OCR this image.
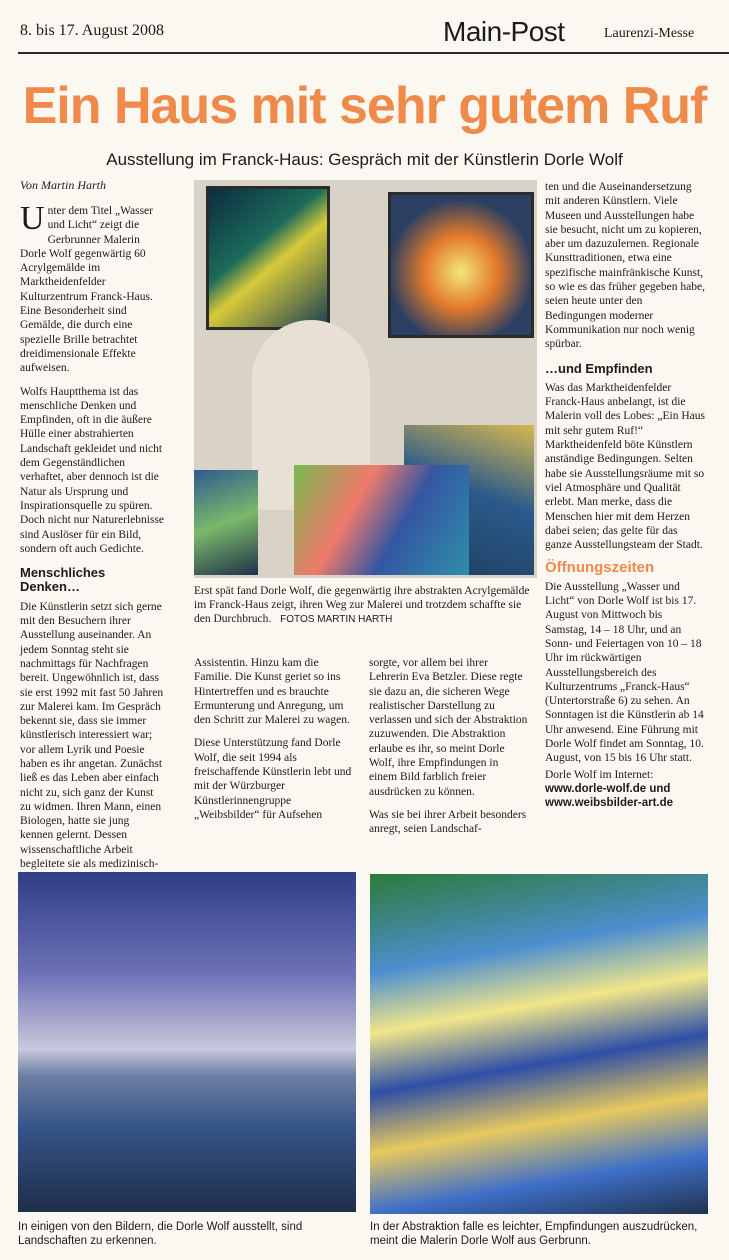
8. bis 17. August 2008	Main-Post	Laurenzi-Messe
Ein Haus mit sehr gutem Ruf
Ausstellung im Franck-Haus: Gespräch mit der Künstlerin Dorle Wolf
Von Martin Harth

Unter dem Titel „Wasser und Licht“ zeigt die Gerbrunner Malerin Dorle Wolf gegenwärtig 60 Acrylgemälde im Marktheidenfelder Kulturzentrum Franck-Haus. Eine Besonderheit sind Gemälde, die durch eine spezielle Brille betrachtet dreidimensionale Effekte aufweisen.

Wolfs Hauptthema ist das menschliche Denken und Empfinden, oft in die äußere Hülle einer abstrahierten Landschaft gekleidet und nicht dem Gegenständlichen verhaftet, aber dennoch ist die Natur als Ursprung und Inspirationsquelle zu spüren. Doch nicht nur Naturerlebnisse sind Auslöser für ein Bild, sondern oft auch Gedichte.

Menschliches Denken…

Die Künstlerin setzt sich gerne mit den Besuchern ihrer Ausstellung auseinander. An jedem Sonntag steht sie nachmittags für Nachfragen bereit. Ungewöhnlich ist, dass sie erst 1992 mit fast 50 Jahren zur Malerei kam. Im Gespräch bekennt sie, dass sie immer künstlerisch interessiert war; vor allem Lyrik und Poesie haben es ihr angetan. Zunächst ließ es das Leben aber einfach nicht zu, sich ganz der Kunst zu widmen. Ihren Mann, einen Biologen, hatte sie jung kennen gelernt. Dessen wissenschaftliche Arbeit begleitete sie als medizinisch-

Erst spät fand Dorle Wolf, die gegenwärtig ihre abstrakten Acrylgemälde im Franck-Haus zeigt, ihren Weg zur Malerei und trotzdem schaffte sie den Durchbruch. FOTOS MARTIN HARTH

Assistentin. Hinzu kam die Familie. Die Kunst geriet so ins Hintertreffen und es brauchte Ermunterung und Anregung, um den Schritt zur Malerei zu wagen.

Diese Unterstützung fand Dorle Wolf, die seit 1994 als freischaffende Künstlerin lebt und mit der Würzburger Künstlerinnengruppe „Weibsbilder“ für Aufsehen

sorgte, vor allem bei ihrer Lehrerin Eva Betzler. Diese regte sie dazu an, die sicheren Wege realistischer Darstellung zu verlassen und sich der Abstraktion zuzuwenden. Die Abstraktion erlaube es ihr, so meint Dorle Wolf, ihre Empfindungen in einem Bild farblich freier ausdrücken zu können.

Was sie bei ihrer Arbeit besonders anregt, seien Landschaf-

ten und die Auseinandersetzung mit anderen Künstlern. Viele Museen und Ausstellungen habe sie besucht, nicht um zu kopieren, aber um dazuzulernen. Regionale Kunsttraditionen, etwa eine spezifische mainfränkische Kunst, so wie es das früher gegeben habe, seien heute unter den Bedingungen moderner Kommunikation nur noch wenig spürbar.

…und Empfinden

Was das Marktheidenfelder Franck-Haus anbelangt, ist die Malerin voll des Lobes: „Ein Haus mit sehr gutem Ruf!“ Marktheidenfeld böte Künstlern anständige Bedingungen. Selten habe sie Ausstellungsräume mit so viel Atmosphäre und Qualität erlebt. Man merke, dass die Menschen hier mit dem Herzen dabei seien; das gelte für das ganze Ausstellungsteam der Stadt.

Öffnungszeiten

Die Ausstellung „Wasser und Licht“ von Dorle Wolf ist bis 17. August von Mittwoch bis Samstag, 14 – 18 Uhr, und an Sonn- und Feiertagen von 10 – 18 Uhr im rückwärtigen Ausstellungsbereich des Kulturzentrums „Franck-Haus“ (Untertorstraße 6) zu sehen. An Sonntagen ist die Künstlerin ab 14 Uhr anwesend. Eine Führung mit Dorle Wolf findet am Sonntag, 10. August, von 15 bis 16 Uhr statt.

Dorle Wolf im Internet:
www.dorle-wolf.de und
www.weibsbilder-art.de
In einigen von den Bildern, die Dorle Wolf ausstellt, sind Landschaften zu erkennen.
In der Abstraktion falle es leichter, Empfindungen auszudrücken, meint die Malerin Dorle Wolf aus Gerbrunn.
